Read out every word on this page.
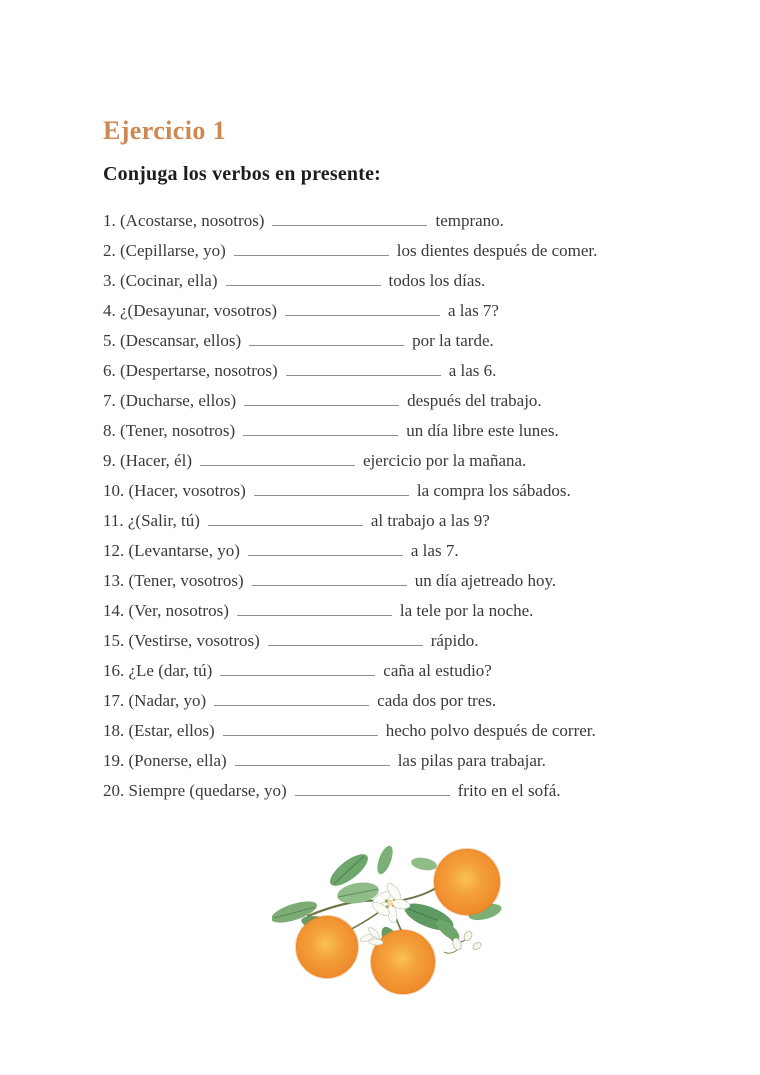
Ejercicio 1
Conjuga los verbos en presente:
1. (Acostarse, nosotros)	temprano.
2. (Cepillarse, yo)	los dientes después de comer.
3. (Cocinar, ella)	todos los días.
4. ¿(Desayunar, vosotros)	a las 7?
5. (Descansar, ellos)	por la tarde.
6. (Despertarse, nosotros)	a las 6.
7. (Ducharse, ellos)	después del trabajo.
8. (Tener, nosotros)	un día libre este lunes.
9. (Hacer, él)	ejercicio por la mañana.
10. (Hacer, vosotros)	la compra los sábados.
11. ¿(Salir, tú)	al trabajo a las 9?
12. (Levantarse, yo)	a las 7.
13. (Tener, vosotros)	un día ajetreado hoy.
14. (Ver, nosotros)	la tele por la noche.
15. (Vestirse, vosotros)	rápido.
16. ¿Le (dar, tú)	caña al estudio?
17. (Nadar, yo)	cada dos por tres.
18. (Estar, ellos)	hecho polvo después de correr.
19. (Ponerse, ella)	las pilas para trabajar.
20. Siempre (quedarse, yo)	frito en el sofá.
